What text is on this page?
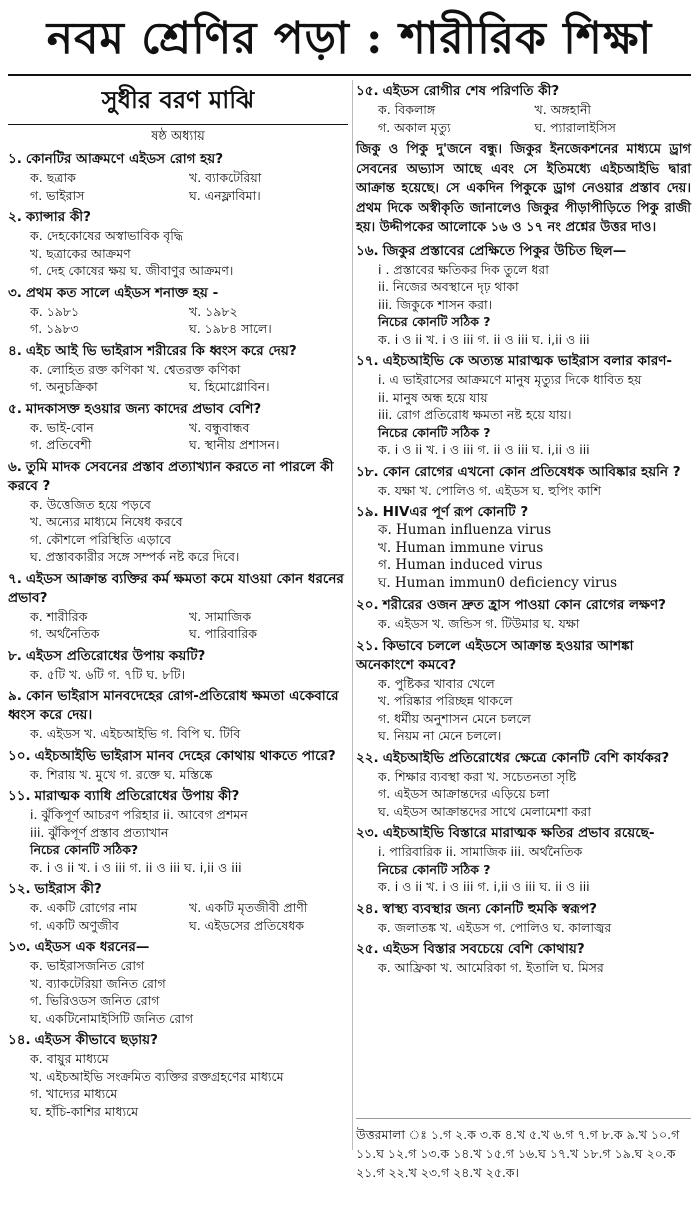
নবম শ্রেণির পড়া : শারীরিক শিক্ষা
সুধীর বরণ মাঝি
ষষ্ঠ অধ্যায়
১. কোনটির আক্রমণে এইডস রোগ হয়?
ক. ছত্রাক	খ. ব্যাকটেরিয়া
গ. ভাইরাস	ঘ. এনফ্লাবিমা।
২. ক্যান্সার কী?
ক. দেহকোষের অস্বাভাবিক বৃদ্ধি
খ. ছত্রাকের আক্রমণ
গ. দেহ কোষের ক্ষয় ঘ. জীবাণুর আক্রমণ।
৩. প্রথম কত সালে এইডস শনাক্ত হয় -
ক. ১৯৮১	খ. ১৯৮২
গ. ১৯৮৩	ঘ. ১৯৮৪ সালে।
৪. এইচ আই ভি ভাইরাস শরীরের কি ধ্বংস করে দেয়?
ক. লোহিত রক্ত কণিকা খ. শ্বেতরক্ত কণিকা
গ. অনুচক্রিকা	ঘ. হিমোগ্লোবিন।
৫. মাদকাসক্ত হওয়ার জন্য কাদের প্রভাব বেশি?
ক. ভাই-বোন	খ. বন্ধুবান্ধব
গ. প্রতিবেশী	ঘ. স্থানীয় প্রশাসন।
৬. তুমি মাদক সেবনের প্রস্তাব প্রত্যাখ্যান করতে না পারলে কী করবে ?
ক. উত্তেজিত হয়ে পড়বে
খ. অন্যের মাধ্যমে নিষেধ করবে
গ. কৌশলে পরিস্থিতি এড়াবে
ঘ. প্রস্তাবকারীর সঙ্গে সম্পর্ক নষ্ট করে দিবে।
৭. এইডস আক্রান্ত ব্যক্তির কর্ম ক্ষমতা কমে যাওয়া কোন ধরনের প্রভাব?
ক. শারীরিক	খ. সামাজিক
গ. অর্থনৈতিক	ঘ. পারিবারিক
৮. এইডস প্রতিরোধের উপায় কয়টি?
ক. ৫টি খ. ৬টি গ. ৭টি ঘ. ৮টি।
৯. কোন ভাইরাস মানবদেহের রোগ-প্রতিরোধ ক্ষমতা একেবারে ধ্বংস করে দেয়।
ক. এইডস খ. এইচআইভি গ. বিপি ঘ. টিবি
১০. এইচআইভি ভাইরাস মানব দেহের কোথায় থাকতে পারে?
ক. শিরায় খ. মুখে গ. রক্তে ঘ. মস্তিষ্কে
১১. মারাত্মক ব্যাধি প্রতিরোধের উপায় কী?
i. ঝুঁকিপূর্ণ আচরণ পরিহার ii. আবেগ প্রশমন
iii. ঝুঁকিপূর্ণ প্রস্তাব প্রত্যাখান
নিচের কোনটি সঠিক?
ক. i ও ii খ. i ও iii গ. ii ও iii ঘ. i,ii ও iii
১২. ভাইরাস কী?
ক. একটি রোগের নাম	খ. একটি মৃতজীবী প্রাণী
গ. একটি অণুজীব	ঘ. এইডসের প্রতিষেধক
১৩. এইডস এক ধরনের—
ক. ভাইরাসজনিত রোগ
খ. ব্যাকটেরিয়া জনিত রোগ
গ. ভিরিওডস জনিত রোগ
ঘ. একটিনোমাইসিটি জনিত রোগ
১৪. এইডস কীভাবে ছড়ায়?
ক. বায়ুর মাধ্যমে
খ. এইচআইভি সংক্রমিত ব্যক্তির রক্তগ্রহণের মাধ্যমে
গ. খাদ্যের মাধ্যমে
ঘ. হাঁচি-কাশির মাধ্যমে
১৫. এইডস রোগীর শেষ পরিণতি কী?
ক. বিকলাঙ্গ	খ. অঙ্গহানী
গ. অকাল মৃত্যু	ঘ. প্যারালাইসিস
জিকু ও পিকু দু'জনে বন্ধু। জিকুর ইনজেকশনের মাধ্যমে ড্রাগ সেবনের অভ্যাস আছে এবং সে ইতিমধ্যে এইচআইভি দ্বারা আক্রান্ত হয়েছে। সে একদিন পিকুকে ড্রাগ নেওয়ার প্রস্তাব দেয়। প্রথম দিকে অস্বীকৃতি জানালেও জিকুর পীড়াপীড়িতে পিকু রাজী হয়। উদ্দীপকের আলোকে ১৬ ও ১৭ নং প্রশ্নের উত্তর দাও।
১৬. জিকুর প্রস্তাবের প্রেক্ষিতে পিকুর উচিত ছিল—
i . প্রস্তাবের ক্ষতিকর দিক তুলে ধরা
ii. নিজের অবস্থানে দৃঢ় থাকা
iii. জিকুকে শাসন করা।
নিচের কোনটি সঠিক ?
ক. i ও ii খ. i ও iii গ. ii ও iii ঘ. i,ii ও iii
১৭. এইচআইভি কে অত্যন্ত মারাত্মক ভাইরাস বলার কারণ-
i. এ ভাইরাসের আক্রমণে মানুষ মৃত্যুর দিকে ধাবিত হয়
ii. মানুষ অন্ধ হয়ে যায়
iii. রোগ প্রতিরোধ ক্ষমতা নষ্ট হয়ে যায়।
নিচের কোনটি সঠিক ?
ক. i ও ii খ. i ও iii গ. ii ও iii ঘ. i,ii ও iii
১৮. কোন রোগের এখনো কোন প্রতিষেধক আবিষ্কার হয়নি ?
ক. যক্ষা খ. পোলিও গ. এইডস ঘ. হুপিং কাশি
১৯. HIVএর পূর্ণ রূপ কোনটি ?
ক. Human influenza virus
খ. Human immune virus
গ. Human induced virus
ঘ. Human immun0 deficiency virus
২০. শরীরের ওজন দ্রুত হ্রাস পাওয়া কোন রোগের লক্ষণ?
ক. এইডস খ. জন্ডিস গ. টিউমার ঘ. যক্ষা
২১. কিভাবে চললে এইডসে আক্রান্ত হওয়ার আশঙ্কা অনেকাংশে কমবে?
ক. পুষ্টিকর খাবার খেলে
খ. পরিষ্কার পরিচ্ছন্ন থাকলে
গ. ধর্মীয় অনুশাসন মেনে চললে
ঘ. নিয়ম না মেনে চললে।
২২. এইচআইভি প্রতিরোধের ক্ষেত্রে কোনটি বেশি কার্যকর?
ক. শিক্ষার ব্যবস্থা করা খ. সচেতনতা সৃষ্টি
গ. এইডস আক্রান্তদের এড়িয়ে চলা
ঘ. এইডস আক্রান্তদের সাথে মেলামেশা করা
২৩. এইচআইভি বিস্তারে মারাত্মক ক্ষতির প্রভাব রয়েছে-
i. পারিবারিক ii. সামাজিক iii. অর্থনৈতিক
নিচের কোনটি সঠিক ?
ক. i ও ii খ. i ও iii গ. i,ii ও iii ঘ. ii ও iii
২৪. স্বাস্থ্য ব্যবস্থার জন্য কোনটি হুমকি স্বরূপ?
ক. জলাতঙ্ক খ. এইডস গ. পোলিও ঘ. কালাজ্বর
২৫. এইডস বিস্তার সবচেয়ে বেশি কোথায়?
ক. আফ্রিকা খ. আমেরিকা গ. ইতালি ঘ. মিসর
উত্তরমালা ঃ ১.গ ২.ক ৩.ক ৪.খ ৫.খ ৬.গ ৭.গ ৮.ক ৯.খ ১০.গ ১১.ঘ ১২.গ ১৩.ক ১৪.খ ১৫.গ ১৬.ঘ ১৭.খ ১৮.গ ১৯.ঘ ২০.ক ২১.গ ২২.খ ২৩.গ ২৪.খ ২৫.ক।
